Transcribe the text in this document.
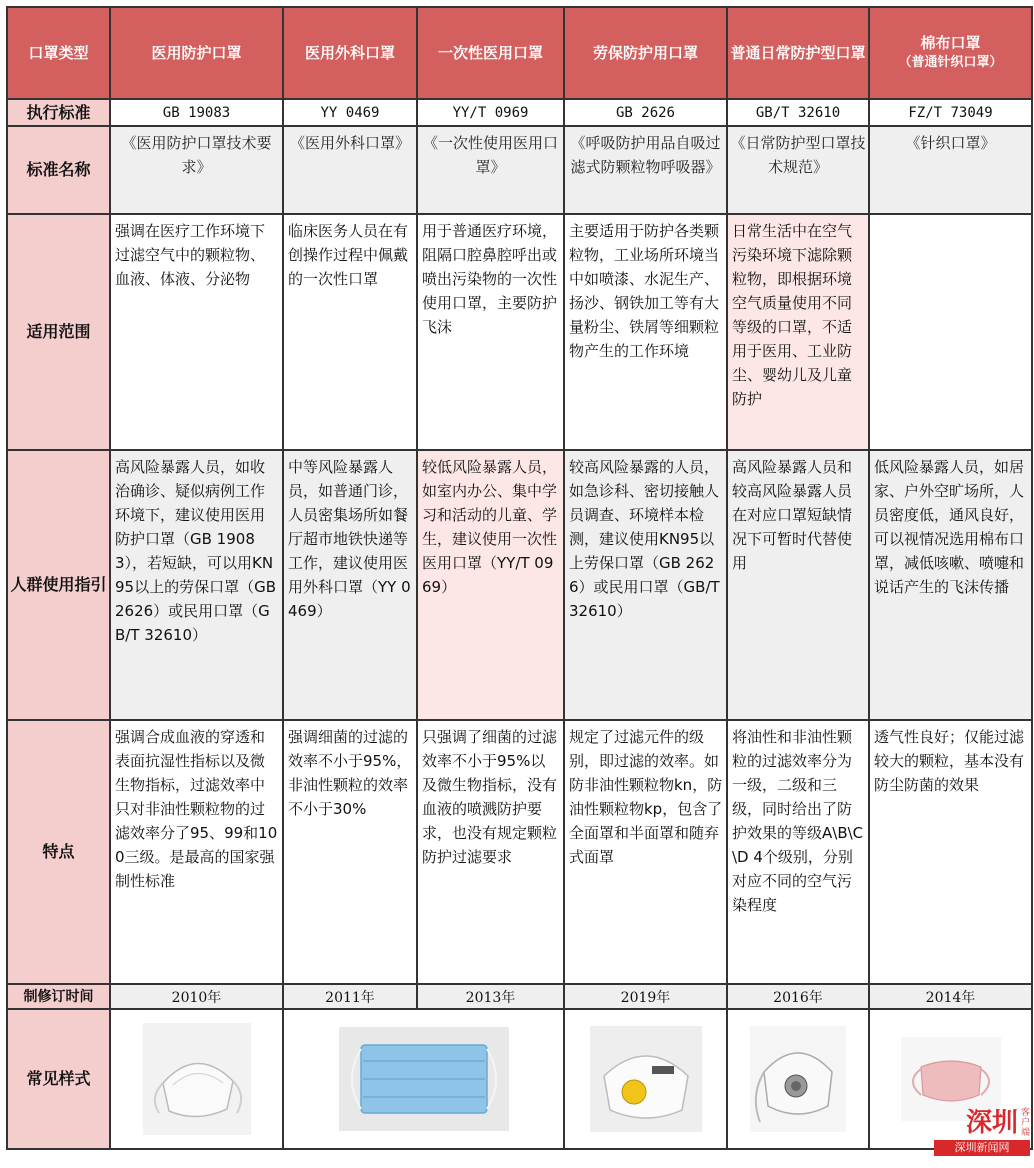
口罩类型	医用防护口罩	医用外科口罩	一次性医用口罩	劳保防护用口罩	普通日常防护型口罩	棉布口罩
（普通针织口罩）

执行标准	GB 19083	YY 0469	YY/T 0969	GB 2626	GB/T 32610	FZ/T 73049
标准名称	《医用防护口罩技术要求》	《医用外科口罩》	《一次性使用医用口罩》	《呼吸防护用品自吸过滤式防颗粒物呼吸器》	《日常防护型口罩技术规范》	《针织口罩》
适用范围	强调在医疗工作环境下过滤空气中的颗粒物、血液、体液、分泌物	临床医务人员在有创操作过程中佩戴的一次性口罩	用于普通医疗环境，阻隔口腔鼻腔呼出或喷出污染物的一次性使用口罩，主要防护飞沫	主要适用于防护各类颗粒物，工业场所环境当中如喷漆、水泥生产、扬沙、钢铁加工等有大量粉尘、铁屑等细颗粒物产生的工作环境	日常生活中在空气污染环境下滤除颗粒物，即根据环境空气质量使用不同等级的口罩，不适用于医用、工业防尘、婴幼儿及儿童防护	
人群使用指引	高风险暴露人员，如收治确诊、疑似病例工作环境下，建议使用医用防护口罩（GB 19083），若短缺，可以用KN95以上的劳保口罩（GB 2626）或民用口罩（GB/T 32610）	中等风险暴露人员，如普通门诊，人员密集场所如餐厅超市地铁快递等工作，建议使用医用外科口罩（YY 0469）	较低风险暴露人员，如室内办公、集中学习和活动的儿童、学生，建议使用一次性医用口罩（YY/T 0969）	较高风险暴露的人员，如急诊科、密切接触人员调查、环境样本检测，建议使用KN95以上劳保口罩（GB 2626）或民用口罩（GB/T 32610）	高风险暴露人员和较高风险暴露人员在对应口罩短缺情况下可暂时代替使用	低风险暴露人员，如居家、户外空旷场所，人员密度低，通风良好，可以视情况选用棉布口罩，减低咳嗽、喷嚏和说话产生的飞沫传播
特点	强调合成血液的穿透和表面抗湿性指标以及微生物指标，过滤效率中只对非油性颗粒物的过滤效率分了95、99和100三级。是最高的国家强制性标准	强调细菌的过滤的效率不小于95%，非油性颗粒的效率不小于30%	只强调了细菌的过滤效率不小于95%以及微生物指标，没有血液的喷溅防护要求，也没有规定颗粒防护过滤要求	规定了过滤元件的级别，即过滤的效率。如防非油性颗粒物kn，防油性颗粒物kp，包含了全面罩和半面罩和随弃式面罩	将油性和非油性颗粒的过滤效率分为一级，二级和三级，同时给出了防护效果的等级A\B\C\D 4个级别，分别对应不同的空气污染程度	透气性良好；仅能过滤较大的颗粒，基本没有防尘防菌的效果
制修订时间	2010年	2011年	2013年	2019年	2016年	2014年
常见样式					
深圳 客户端
深圳新闻网
